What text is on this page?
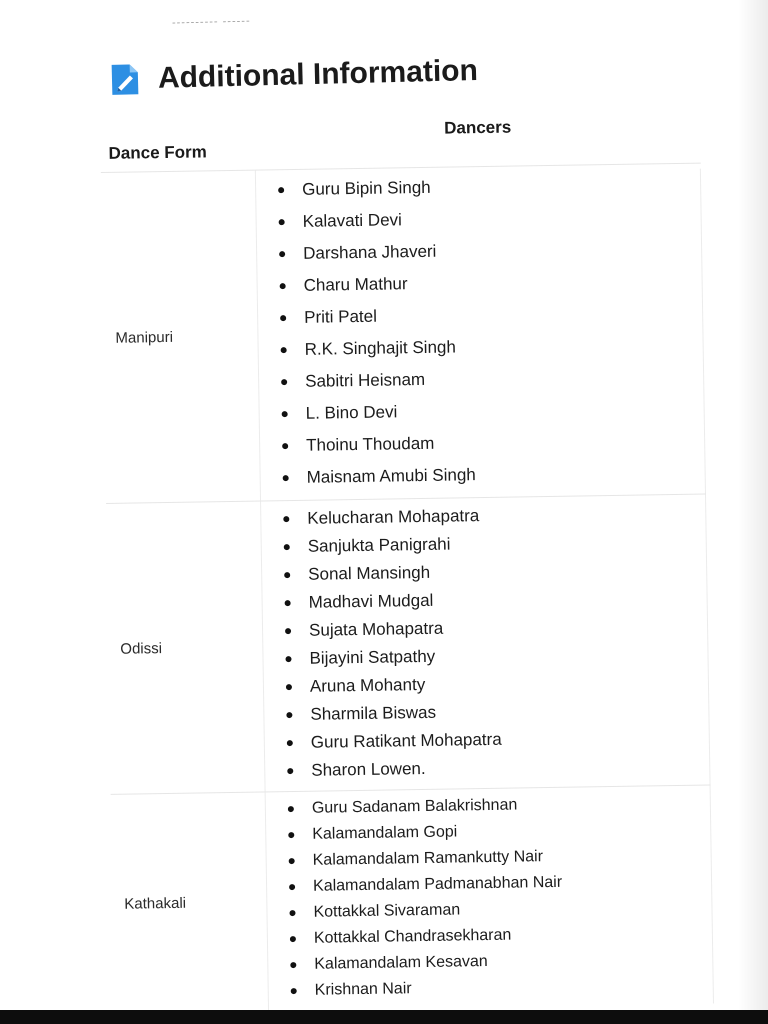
---------- ------
Additional Information
Dance Form
Dancers
Manipuri
Guru Bipin Singh
Kalavati Devi
Darshana Jhaveri
Charu Mathur
Priti Patel
R.K. Singhajit Singh
Sabitri Heisnam
L. Bino Devi
Thoinu Thoudam
Maisnam Amubi Singh
Odissi
Kelucharan Mohapatra
Sanjukta Panigrahi
Sonal Mansingh
Madhavi Mudgal
Sujata Mohapatra
Bijayini Satpathy
Aruna Mohanty
Sharmila Biswas
Guru Ratikant Mohapatra
Sharon Lowen.
Kathakali
Guru Sadanam Balakrishnan
Kalamandalam Gopi
Kalamandalam Ramankutty Nair
Kalamandalam Padmanabhan Nair
Kottakkal Sivaraman
Kottakkal Chandrasekharan
Kalamandalam Kesavan
Krishnan Nair
